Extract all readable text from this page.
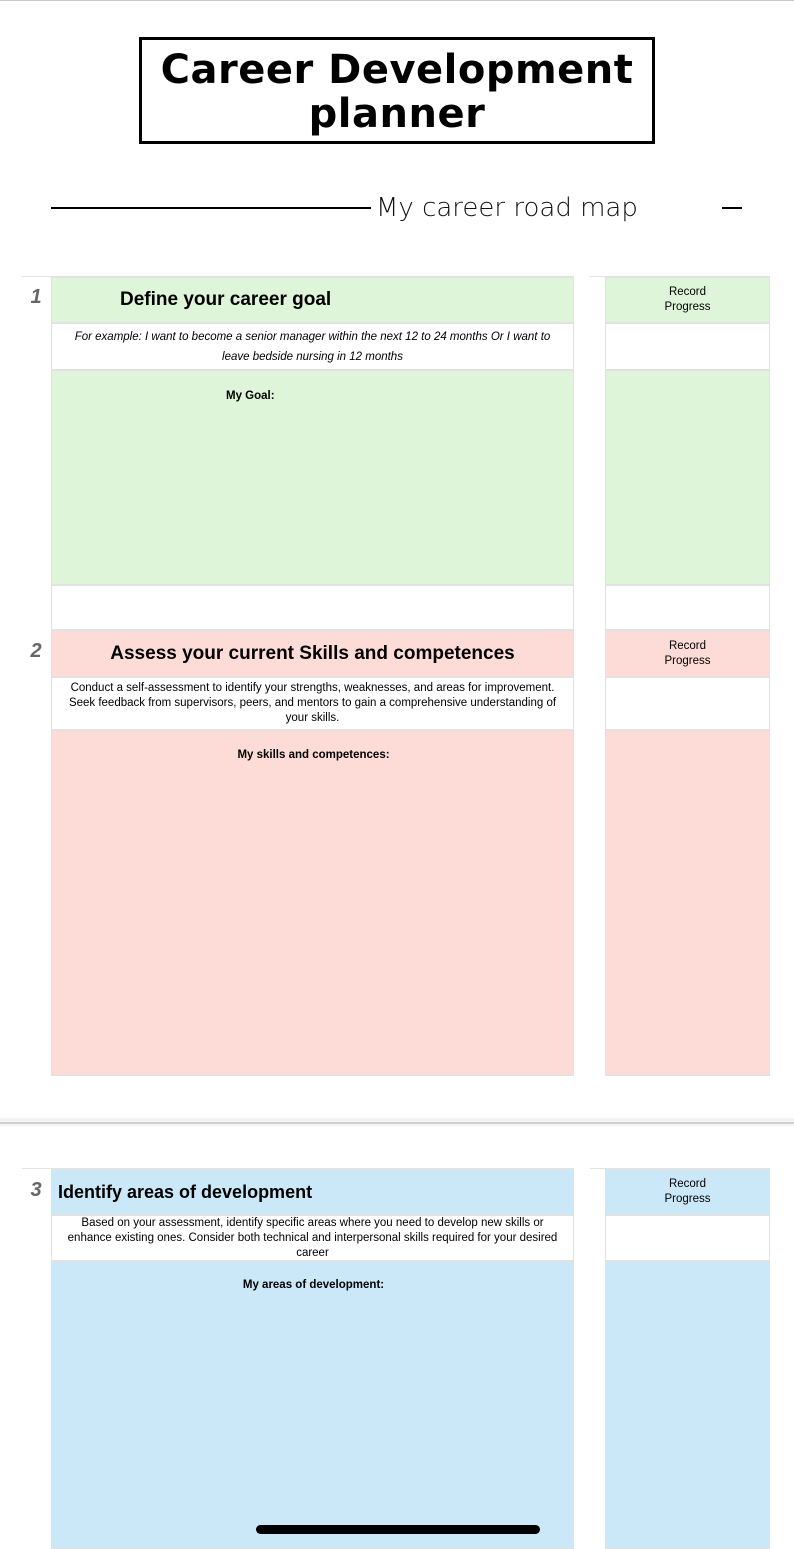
Career Development planner
My career road map
1	Define your career goal
For example: I want to become a senior manager within the next 12 to 24 months Or I want to leave bedside nursing in 12 months
My Goal:
Record
Progress
2	Assess your current Skills and competences
Conduct a self-assessment to identify your strengths, weaknesses, and areas for improvement.
Seek feedback from supervisors, peers, and mentors to gain a comprehensive understanding of your skills.
My skills and competences:
Record
Progress
3 Identify areas of development
Based on your assessment, identify specific areas where you need to develop new skills or enhance existing ones. Consider both technical and interpersonal skills required for your desired career
My areas of development:
Record
Progress
